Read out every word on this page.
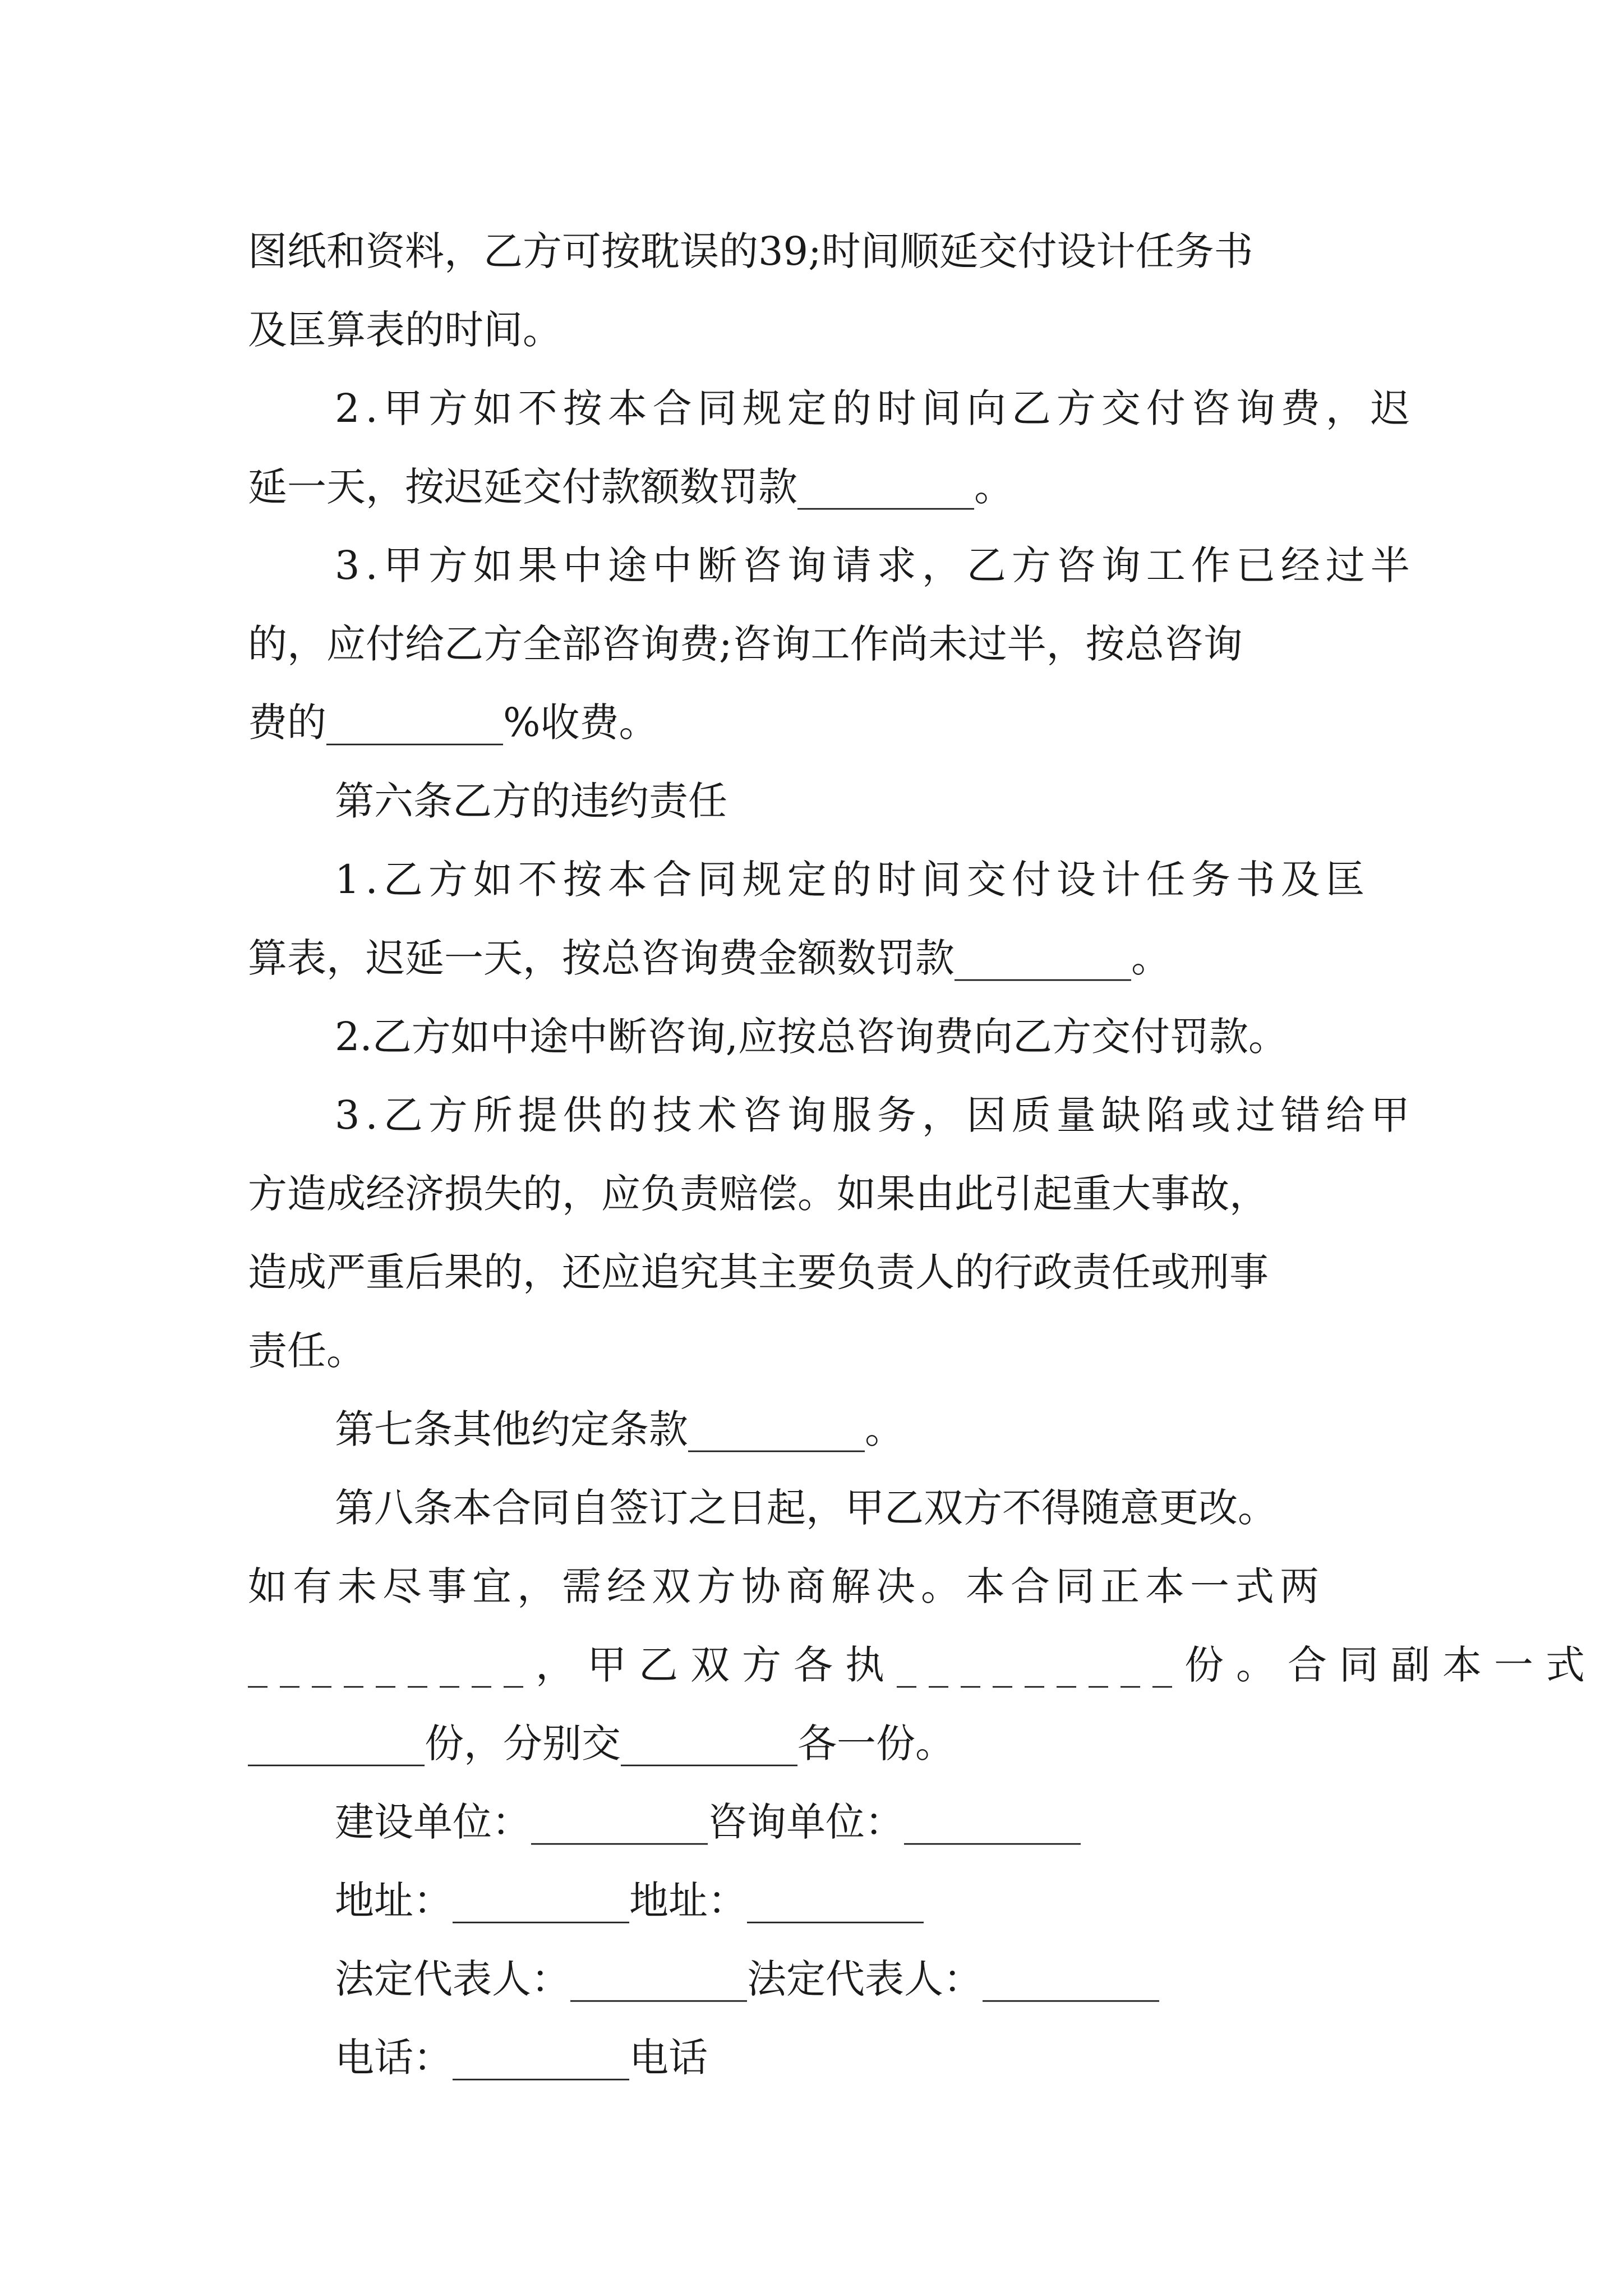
图纸和资料，乙方可按耽误的39;时间顺延交付设计任务书
及匡算表的时间。
2.甲方如不按本合同规定的时间向乙方交付咨询费，迟
延一天，按迟延交付款额数罚款_________。
3.甲方如果中途中断咨询请求，乙方咨询工作已经过半
的，应付给乙方全部咨询费;咨询工作尚未过半，按总咨询
费的_________%收费。
第六条乙方的违约责任
1.乙方如不按本合同规定的时间交付设计任务书及匡
算表，迟延一天，按总咨询费金额数罚款_________。
2.乙方如中途中断咨询,应按总咨询费向乙方交付罚款。
3.乙方所提供的技术咨询服务，因质量缺陷或过错给甲
方造成经济损失的，应负责赔偿。如果由此引起重大事故，
造成严重后果的，还应追究其主要负责人的行政责任或刑事
责任。
第七条其他约定条款_________。
第八条本合同自签订之日起，甲乙双方不得随意更改。
如有未尽事宜，需经双方协商解决。本合同正本一式两
_________，甲乙双方各执_________份。合同副本一式
_________份，分别交_________各一份。
建设单位：_________咨询单位：_________
地址：_________地址：_________
法定代表人：_________法定代表人：_________
电话：_________电话
